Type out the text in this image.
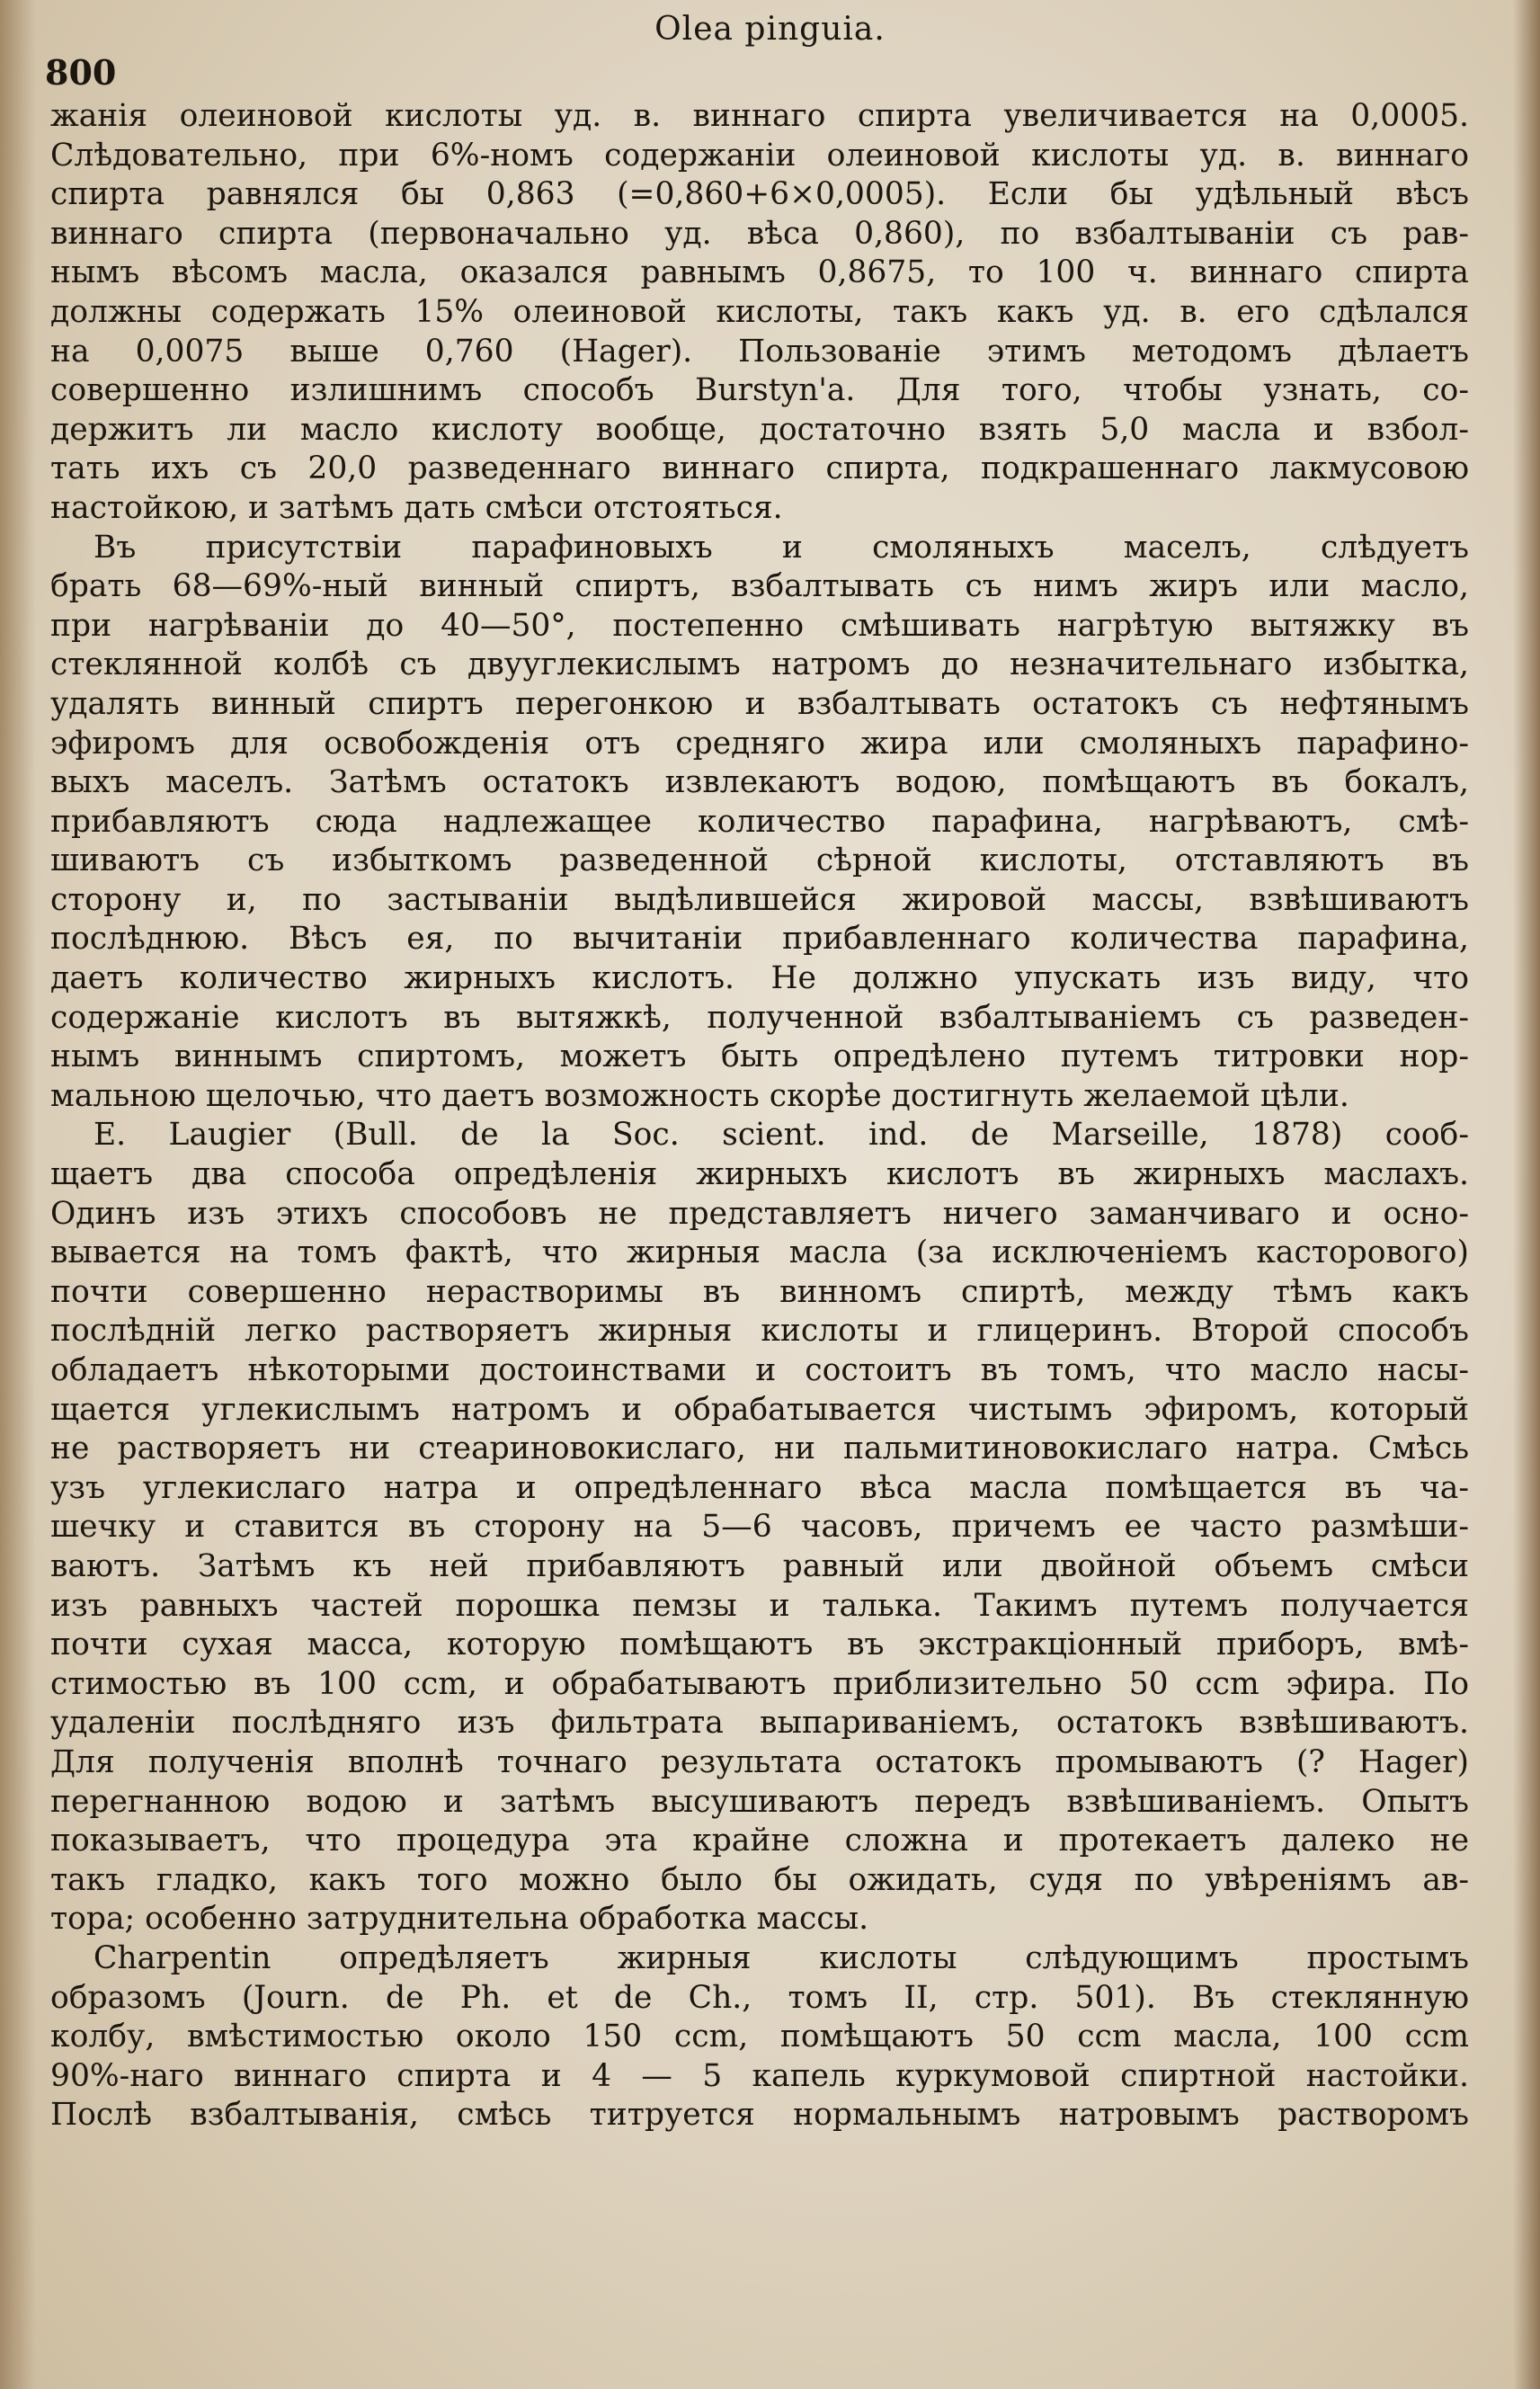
Olea pinguia.
800
жанія олеиновой кислоты уд. в. виннаго спирта увеличивается на 0,0005.
Слѣдовательно, при 6%-номъ содержаніи олеиновой кислоты уд. в. виннаго
спирта равнялся бы 0,863 (=0,860+6×0,0005). Если бы удѣльный вѣсъ
виннаго спирта (первоначально уд. вѣса 0,860), по взбалтываніи съ рав-
нымъ вѣсомъ масла, оказался равнымъ 0,8675, то 100 ч. виннаго спирта
должны содержать 15% олеиновой кислоты, такъ какъ уд. в. его сдѣлался
на 0,0075 выше 0,760 (Hager). Пользованіе этимъ методомъ дѣлаетъ
совершенно излишнимъ способъ Burstyn'а. Для того, чтобы узнать, со-
держитъ ли масло кислоту вообще, достаточно взять 5,0 масла и взбол-
тать ихъ съ 20,0 разведеннаго виннаго спирта, подкрашеннаго лакмусовою
настойкою, и затѣмъ дать смѣси отстояться.
Въ присутствіи парафиновыхъ и смоляныхъ маселъ, слѣдуетъ
брать 68—69%-ный винный спиртъ, взбалтывать съ нимъ жиръ или масло,
при нагрѣваніи до 40—50°, постепенно смѣшивать нагрѣтую вытяжку въ
стеклянной колбѣ съ двууглекислымъ натромъ до незначительнаго избытка,
удалять винный спиртъ перегонкою и взбалтывать остатокъ съ нефтянымъ
эфиромъ для освобожденія отъ средняго жира или смоляныхъ парафино-
выхъ маселъ. Затѣмъ остатокъ извлекаютъ водою, помѣщаютъ въ бокалъ,
прибавляютъ сюда надлежащее количество парафина, нагрѣваютъ, смѣ-
шиваютъ съ избыткомъ разведенной сѣрной кислоты, отставляютъ въ
сторону и, по застываніи выдѣлившейся жировой массы, взвѣшиваютъ
послѣднюю. Вѣсъ ея, по вычитаніи прибавленнаго количества парафина,
даетъ количество жирныхъ кислотъ. Не должно упускать изъ виду, что
содержаніе кислотъ въ вытяжкѣ, полученной взбалтываніемъ съ разведен-
нымъ виннымъ спиртомъ, можетъ быть опредѣлено путемъ титровки нор-
мальною щелочью, что даетъ возможность скорѣе достигнуть желаемой цѣли.
E. Laugier (Bull. de la Soc. scient. ind. de Marseille, 1878) сооб-
щаетъ два способа опредѣленія жирныхъ кислотъ въ жирныхъ маслахъ.
Одинъ изъ этихъ способовъ не представляетъ ничего заманчиваго и осно-
вывается на томъ фактѣ, что жирныя масла (за исключеніемъ касторового)
почти совершенно нерастворимы въ винномъ спиртѣ, между тѣмъ какъ
послѣдній легко растворяетъ жирныя кислоты и глицеринъ. Второй способъ
обладаетъ нѣкоторыми достоинствами и состоитъ въ томъ, что масло насы-
щается углекислымъ натромъ и обрабатывается чистымъ эфиромъ, который
не растворяетъ ни стеариновокислаго, ни пальмитиновокислаго натра. Смѣсь
узъ углекислаго натра и опредѣленнаго вѣса масла помѣщается въ ча-
шечку и ставится въ сторону на 5—6 часовъ, причемъ ее часто размѣши-
ваютъ. Затѣмъ къ ней прибавляютъ равный или двойной объемъ смѣси
изъ равныхъ частей порошка пемзы и талька. Такимъ путемъ получается
почти сухая масса, которую помѣщаютъ въ экстракціонный приборъ, вмѣ-
стимостью въ 100 ccm, и обрабатываютъ приблизительно 50 ccm эфира. По
удаленіи послѣдняго изъ фильтрата выпариваніемъ, остатокъ взвѣшиваютъ.
Для полученія вполнѣ точнаго результата остатокъ промываютъ (? Hager)
перегнанною водою и затѣмъ высушиваютъ передъ взвѣшиваніемъ. Опытъ
показываетъ, что процедура эта крайне сложна и протекаетъ далеко не
такъ гладко, какъ того можно было бы ожидать, судя по увѣреніямъ ав-
тора; особенно затруднительна обработка массы.
Charpentin опредѣляетъ жирныя кислоты слѣдующимъ простымъ
образомъ (Journ. de Ph. et de Ch., томъ II, стр. 501). Въ стеклянную
колбу, вмѣстимостью около 150 ccm, помѣщаютъ 50 ccm масла, 100 ccm
90%-наго виннаго спирта и 4 — 5 капель куркумовой спиртной настойки.
Послѣ взбалтыванія, смѣсь титруется нормальнымъ натровымъ растворомъ
